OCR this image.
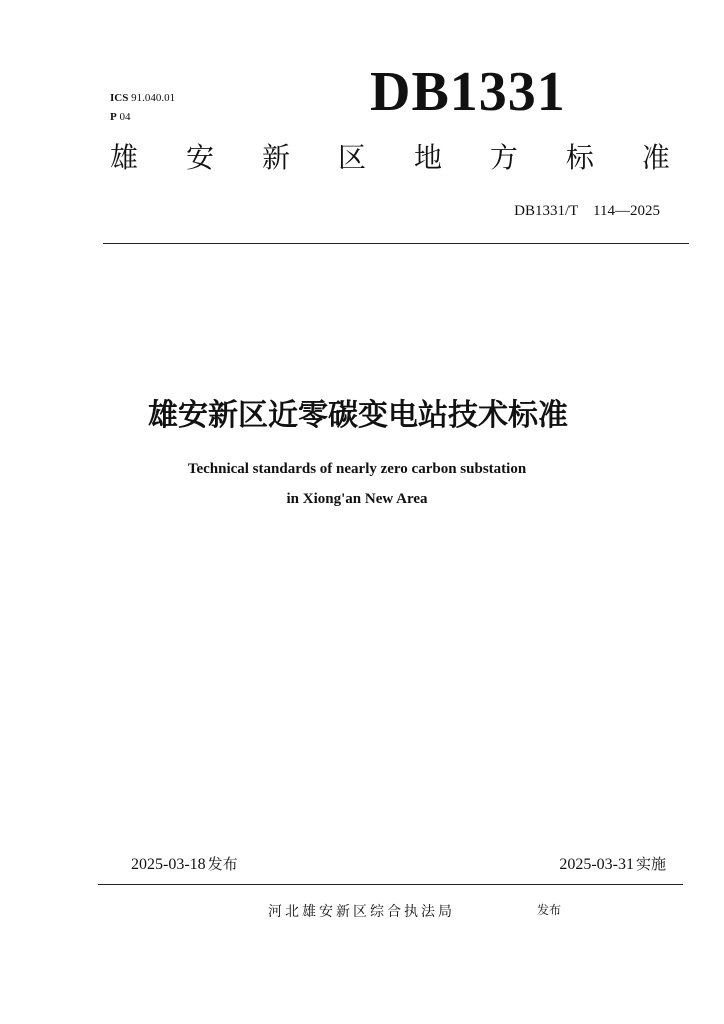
ICS 91.040.01
P 04	DB1331
雄 安 新 区 地 方 标 准
DB1331/T　114—2025
雄安新区近零碳变电站技术标准
Technical standards of nearly zero carbon substation
in Xiong'an New Area
2025-03-18 发布	2025-03-31 实施
河北雄安新区综合执法局	发布
